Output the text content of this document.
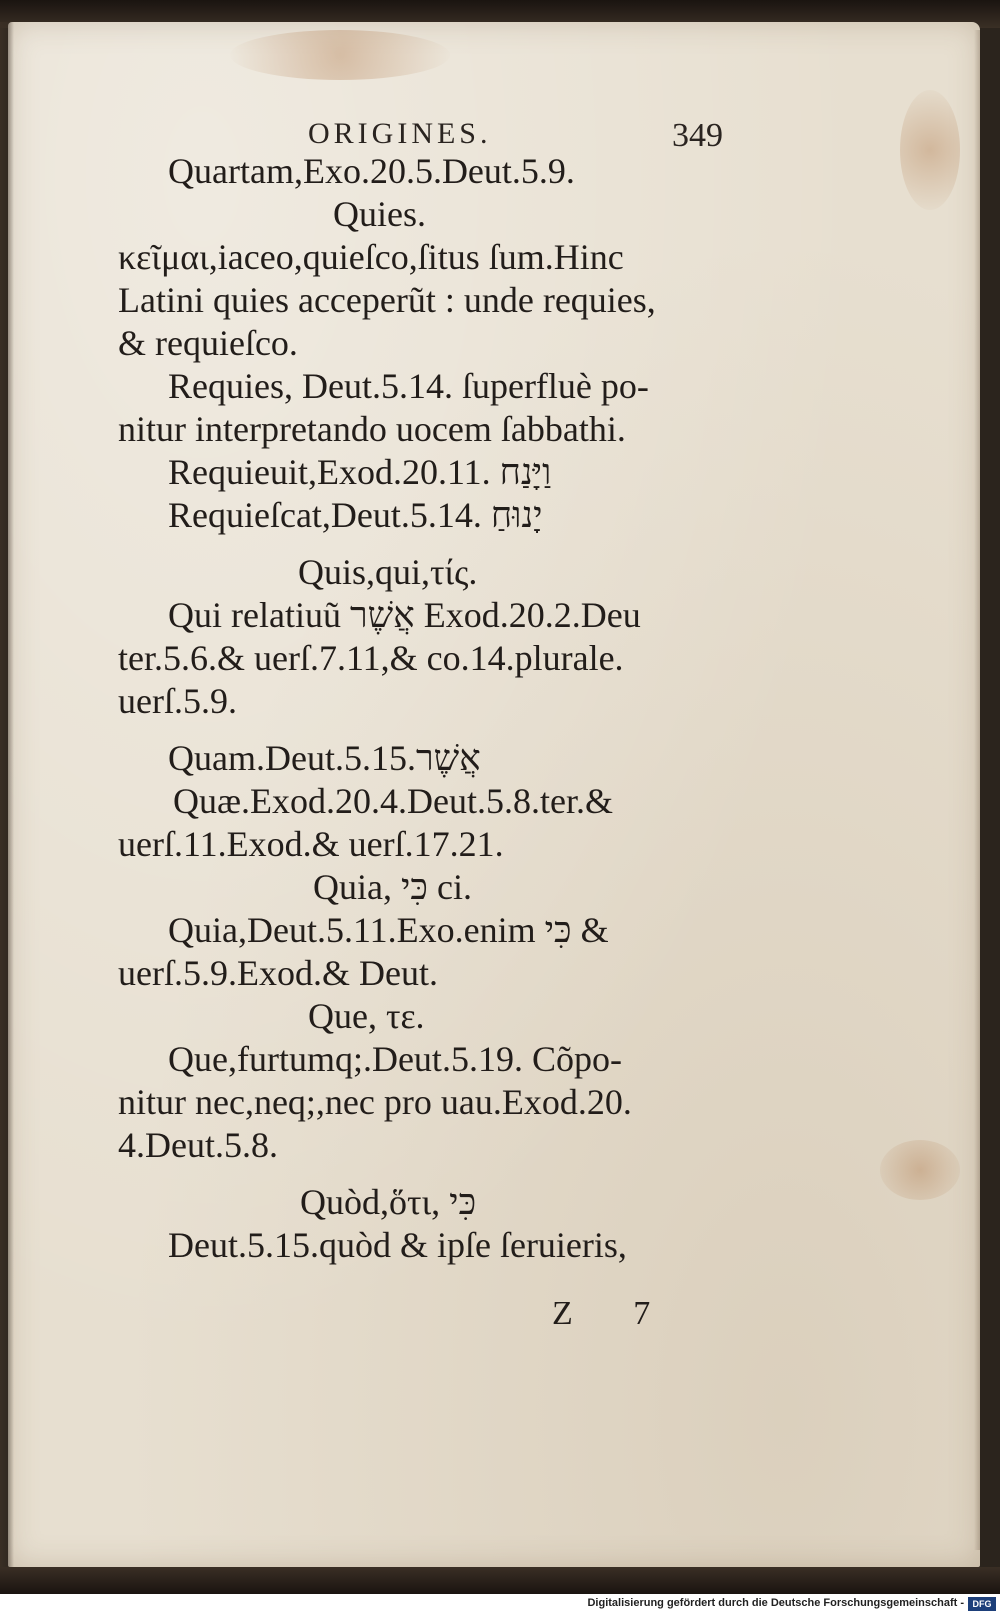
ORIGINES.	349
Quartam,Exo.20.5.Deut.5.9.
Quies.
κεῖμαι,iaceo,quieſco,ſitus ſum.Hinc
Latini quies acceperũt : unde requies,
& requieſco.
Requies, Deut.5.14. ſuperfluè po-
nitur interpretando uocem ſabbathi.
Requieuit,Exod.20.11. וַיָּנַח
Requieſcat,Deut.5.14. יָנוּחַ
Quis,qui,τίς.
Qui relatiuũ אֲשֶׁר Exod.20.2.Deu
ter.5.6.& uerſ.7.11,& co.14.plurale.
uerſ.5.9.
Quam.Deut.5.15.אֲשֶׁר
Quæ.Exod.20.4.Deut.5.8.ter.&
uerſ.11.Exod.& uerſ.17.21.
Quia, כִּי ci.
Quia,Deut.5.11.Exo.enim כִּי &
uerſ.5.9.Exod.& Deut.
Que, τε.
Que,furtumq;.Deut.5.19. Cõpo-
nitur nec,neq;,nec pro uau.Exod.20.
4.Deut.5.8.
Quòd,ὅτι, כִּי
Deut.5.15.quòd & ipſe ſeruieris,
Z 7
Digitalisierung gefördert durch die Deutsche Forschungsgemeinschaft - DFG
